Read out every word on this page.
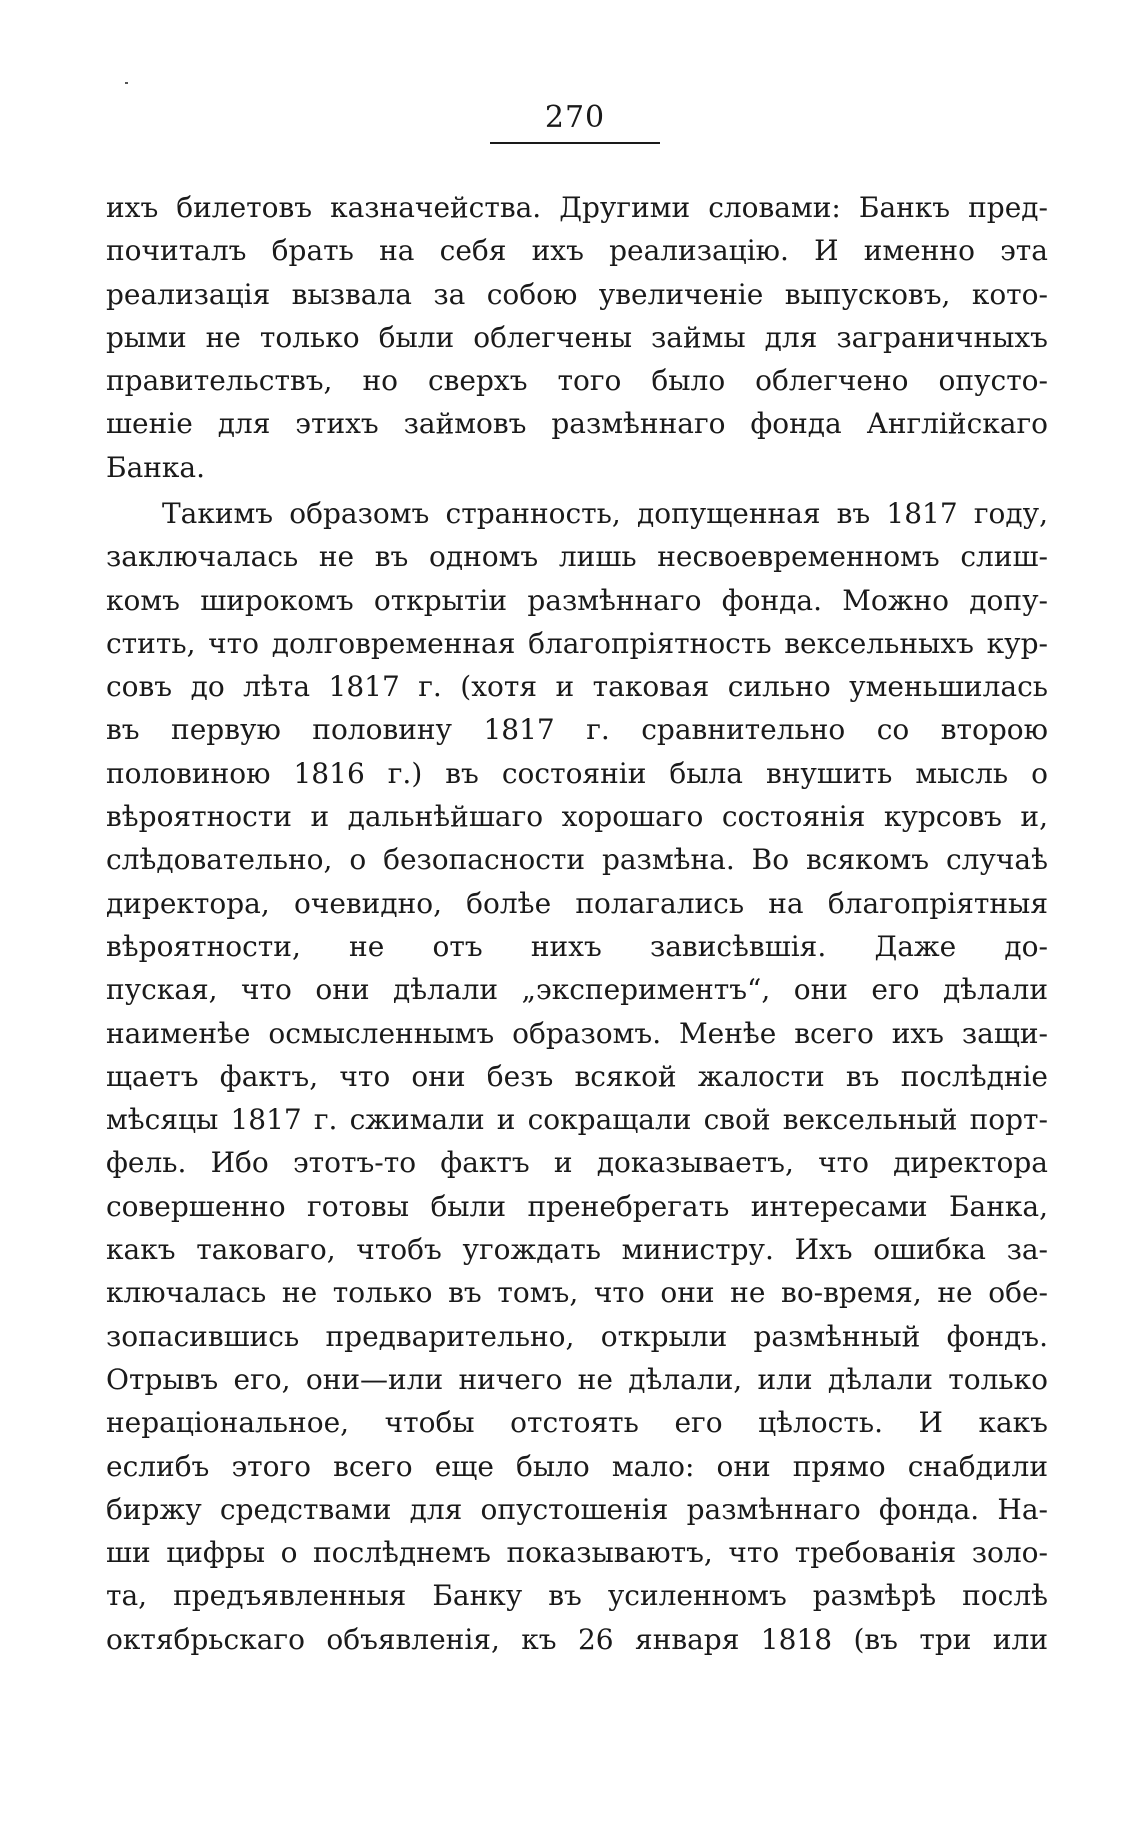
270
ихъ билетовъ казначейства. Другими словами: Банкъ пред-
почиталъ брать на себя ихъ реализацію. И именно эта
реализація вызвала за собою увеличеніе выпусковъ, кото-
рыми не только были облегчены займы для заграничныхъ
правительствъ, но сверхъ того было облегчено опусто-
шеніе для этихъ займовъ размѣннаго фонда Англійскаго
Банка.
Такимъ образомъ странность, допущенная въ 1817 году,
заключалась не въ одномъ лишь несвоевременномъ слиш-
комъ широкомъ открытіи размѣннаго фонда. Можно допу-
стить, что долговременная благопріятность вексельныхъ кур-
совъ до лѣта 1817 г. (хотя и таковая сильно уменьшилась
въ первую половину 1817 г. сравнительно со второю
половиною 1816 г.) въ состояніи была внушить мысль о
вѣроятности и дальнѣйшаго хорошаго состоянія курсовъ и,
слѣдовательно, о безопасности размѣна. Во всякомъ случаѣ
директора, очевидно, болѣе полагались на благопріятныя
вѣроятности, не отъ нихъ зависѣвшія. Даже до-
пуская, что они дѣлали „экспериментъ“, они его дѣлали
наименѣе осмысленнымъ образомъ. Менѣе всего ихъ защи-
щаетъ фактъ, что они безъ всякой жалости въ послѣдніе
мѣсяцы 1817 г. сжимали и сокращали свой вексельный порт-
фель. Ибо этотъ-то фактъ и доказываетъ, что директора
совершенно готовы были пренебрегать интересами Банка,
какъ таковаго, чтобъ угождать министру. Ихъ ошибка за-
ключалась не только въ томъ, что они не во-время, не обе-
зопасившись предварительно, открыли размѣнный фондъ.
Отрывъ его, они—или ничего не дѣлали, или дѣлали только
нераціональное, чтобы отстоять его цѣлость. И какъ
еслибъ этого всего еще было мало: они прямо снабдили
биржу средствами для опустошенія размѣннаго фонда. На-
ши цифры о послѣднемъ показываютъ, что требованія золо-
та, предъявленныя Банку въ усиленномъ размѣрѣ послѣ
октябрьскаго объявленія, къ 26 января 1818 (въ три или
